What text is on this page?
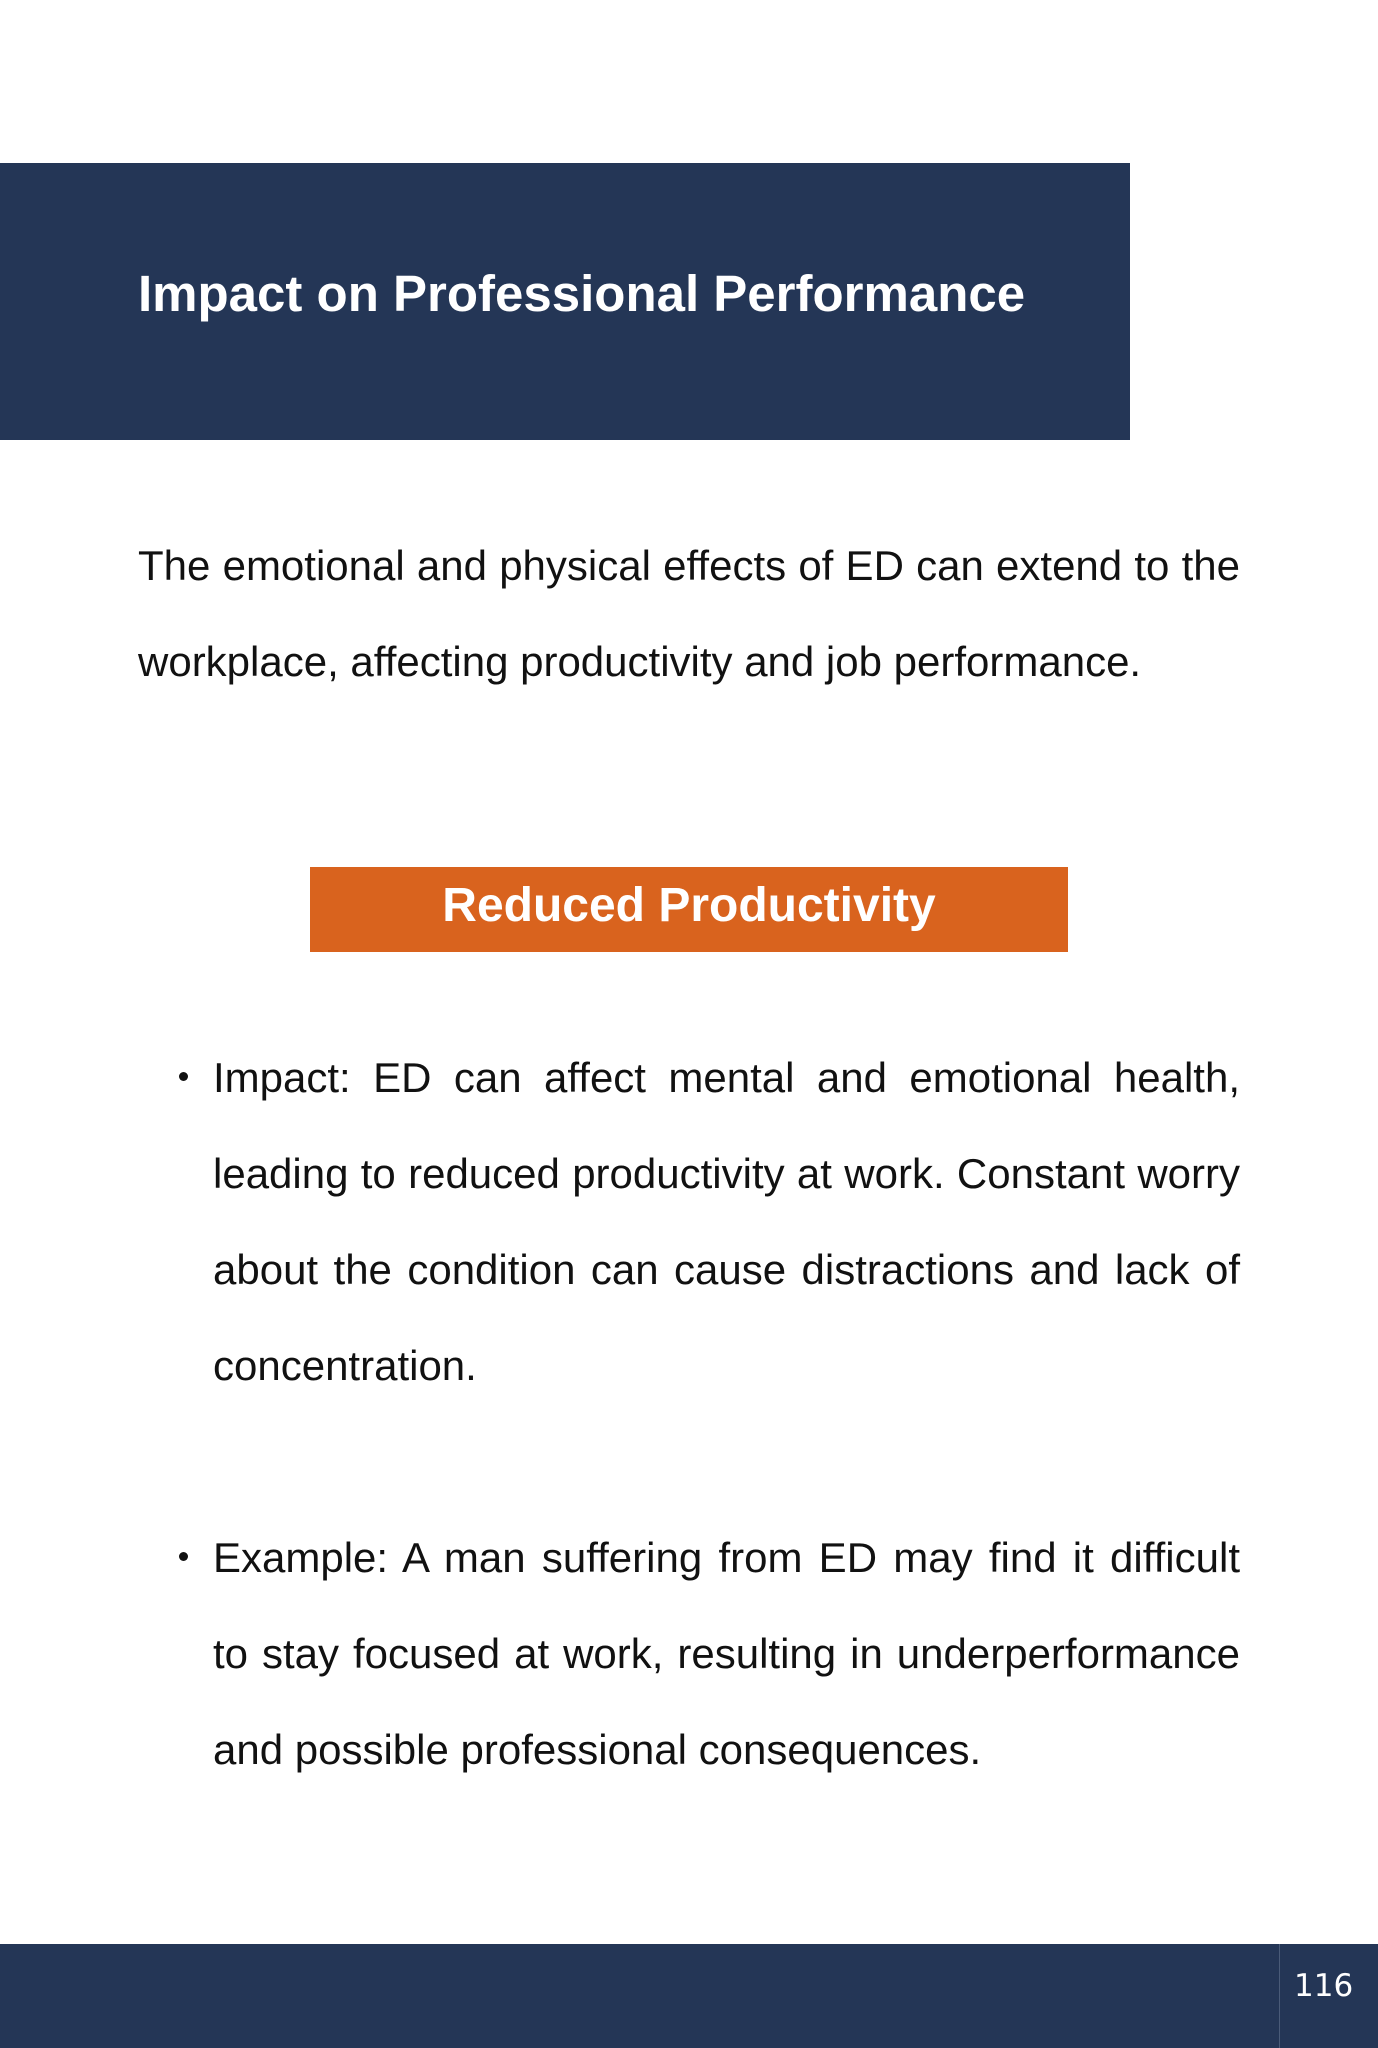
Impact on Professional Performance

The emotional and physical effects of ED can extend to the workplace, affecting productivity and job performance.

Reduced Productivity
Impact: ED can affect mental and emotional health, leading to reduced productivity at work. Constant worry about the condition can cause distractions and lack of concentration.
Example: A man suffering from ED may find it difficult to stay focused at work, resulting in underperformance and possible professional consequences.
116
